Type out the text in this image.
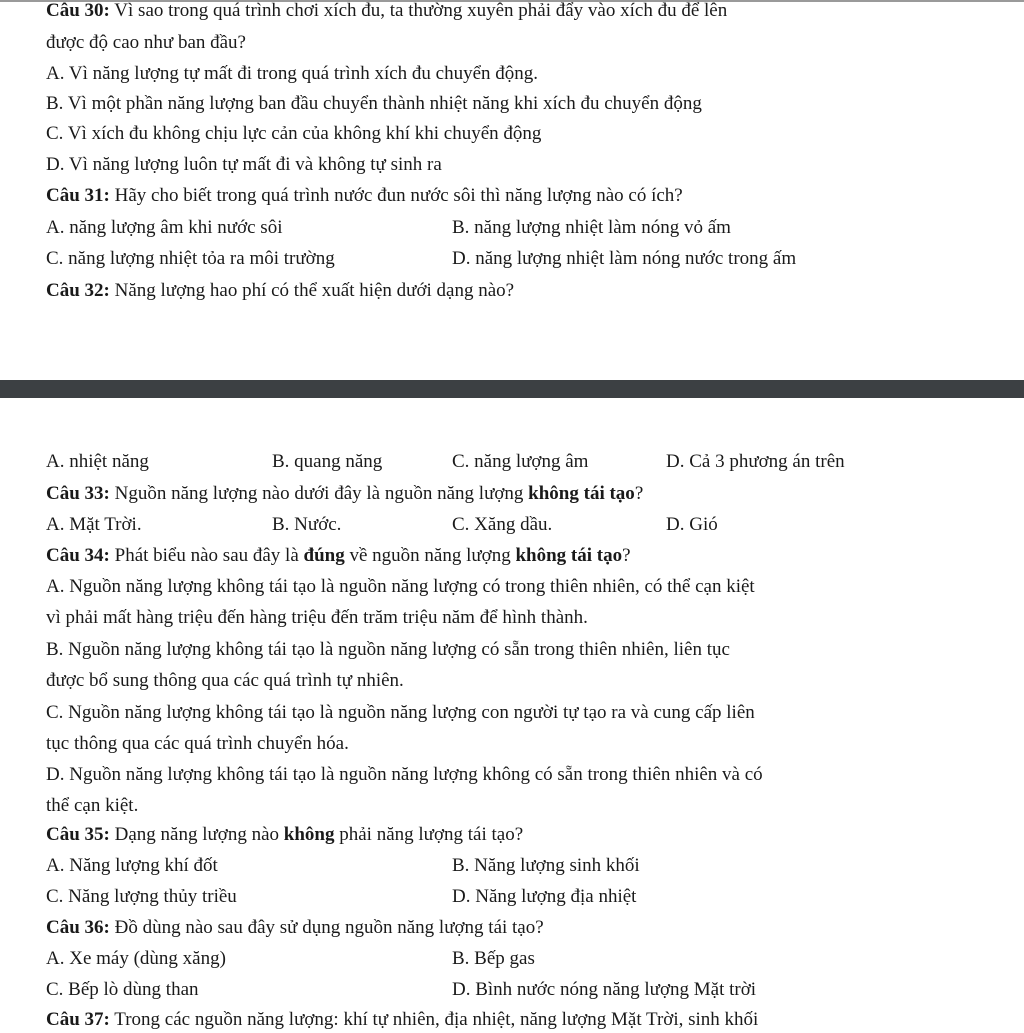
Câu 30: Vì sao trong quá trình chơi xích đu, ta thường xuyên phải đẩy vào xích đu để lên
được độ cao như ban đầu?
A. Vì năng lượng tự mất đi trong quá trình xích đu chuyển động.
B. Vì một phần năng lượng ban đầu chuyển thành nhiệt năng khi xích đu chuyển động
C. Vì xích đu không chịu lực cản của không khí khi chuyển động
D. Vì năng lượng luôn tự mất đi và không tự sinh ra
Câu 31: Hãy cho biết trong quá trình nước đun nước sôi thì năng lượng nào có ích?
A. năng lượng âm khi nước sôi	B. năng lượng nhiệt làm nóng vỏ ấm
C. năng lượng nhiệt tỏa ra môi trường	D. năng lượng nhiệt làm nóng nước trong ấm
Câu 32: Năng lượng hao phí có thể xuất hiện dưới dạng nào?
A. nhiệt năng	B. quang năng	C. năng lượng âm	D. Cả 3 phương án trên
Câu 33: Nguồn năng lượng nào dưới đây là nguồn năng lượng không tái tạo?
A. Mặt Trời.	B. Nước.	C. Xăng dầu.	D. Gió
Câu 34: Phát biểu nào sau đây là đúng về nguồn năng lượng không tái tạo?
A. Nguồn năng lượng không tái tạo là nguồn năng lượng có trong thiên nhiên, có thể cạn kiệt
vì phải mất hàng triệu đến hàng triệu đến trăm triệu năm để hình thành.
B. Nguồn năng lượng không tái tạo là nguồn năng lượng có sẵn trong thiên nhiên, liên tục
được bổ sung thông qua các quá trình tự nhiên.
C. Nguồn năng lượng không tái tạo là nguồn năng lượng con người tự tạo ra và cung cấp liên
tục thông qua các quá trình chuyển hóa.
D. Nguồn năng lượng không tái tạo là nguồn năng lượng không có sẵn trong thiên nhiên và có
thể cạn kiệt.
Câu 35: Dạng năng lượng nào không phải năng lượng tái tạo?
A. Năng lượng khí đốt	B. Năng lượng sinh khối
C. Năng lượng thủy triều	D. Năng lượng địa nhiệt
Câu 36: Đồ dùng nào sau đây sử dụng nguồn năng lượng tái tạo?
A. Xe máy (dùng xăng)	B. Bếp gas
C. Bếp lò dùng than	D. Bình nước nóng năng lượng Mặt trời
Câu 37: Trong các nguồn năng lượng: khí tự nhiên, địa nhiệt, năng lượng Mặt Trời, sinh khối
